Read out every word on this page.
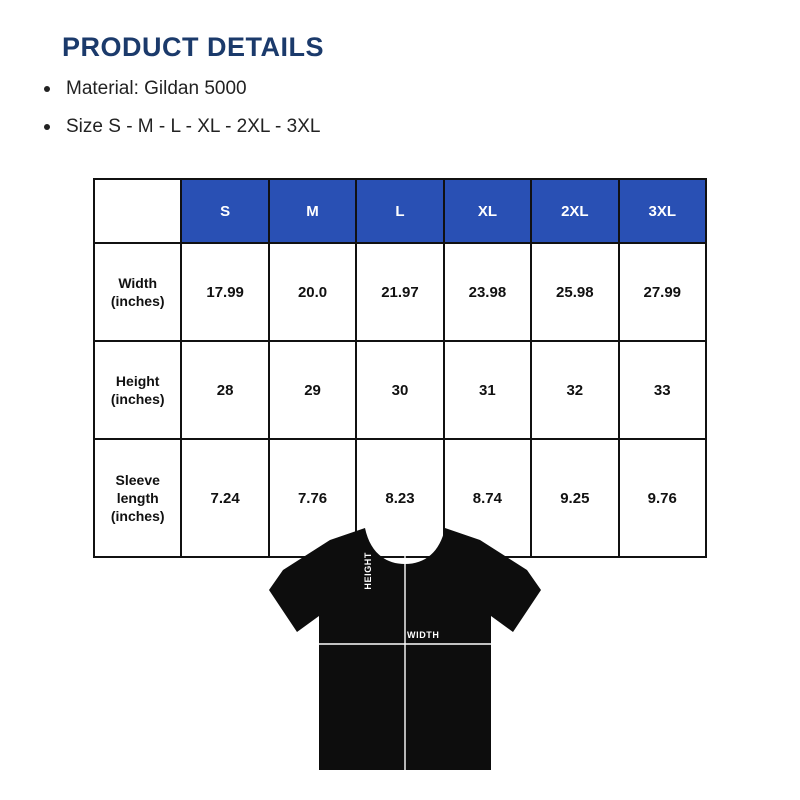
PRODUCT DETAILS
Material: Gildan 5000
Size S - M - L - XL - 2XL - 3XL
	S	M	L	XL	2XL	3XL
Width (inches)	17.99	20.0	21.97	23.98	25.98	27.99
Height (inches)	28	29	30	31	32	33
Sleeve length (inches)	7.24	7.76	8.23	8.74	9.25	9.76
HEIGHT
WIDTH
